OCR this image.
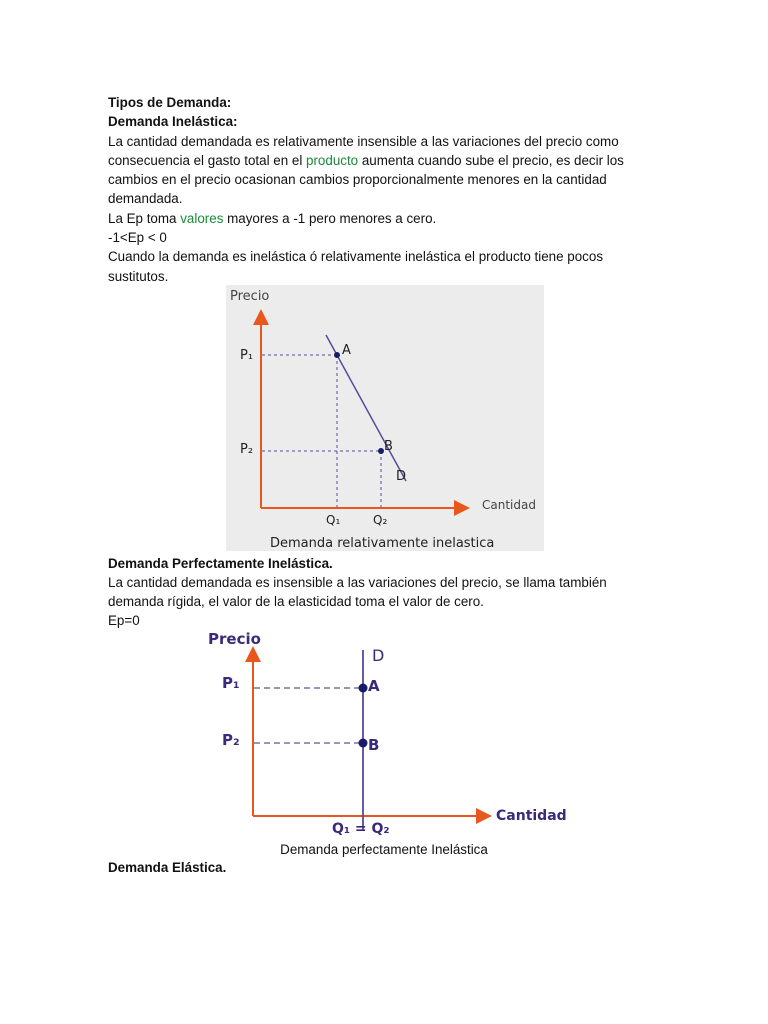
Tipos de Demanda:
Demanda Inelástica:
La cantidad demandada es relativamente insensible a las variaciones del precio como
consecuencia el gasto total en el producto aumenta cuando sube el precio, es decir los
cambios en el precio ocasionan cambios proporcionalmente menores en la cantidad
demandada.
La Ep toma valores mayores a -1 pero menores a cero.
-1<Ep < 0
Cuando la demanda es inelástica ó relativamente inelástica el producto tiene pocos
sustitutos.
Precio
Cantidad
A
B
D
P₁
P₂
Q₁	Q₂
Demanda relativamente inelastica
Demanda Perfectamente Inelástica.
La cantidad demandada es insensible a las variaciones del precio, se llama también
demanda rígida, el valor de la elasticidad toma el valor de cero.
Ep=0
Precio
Cantidad
D
A
B
P₁
P₂
Q₁ = Q₂
Demanda perfectamente Inelástica
Demanda Elástica.
